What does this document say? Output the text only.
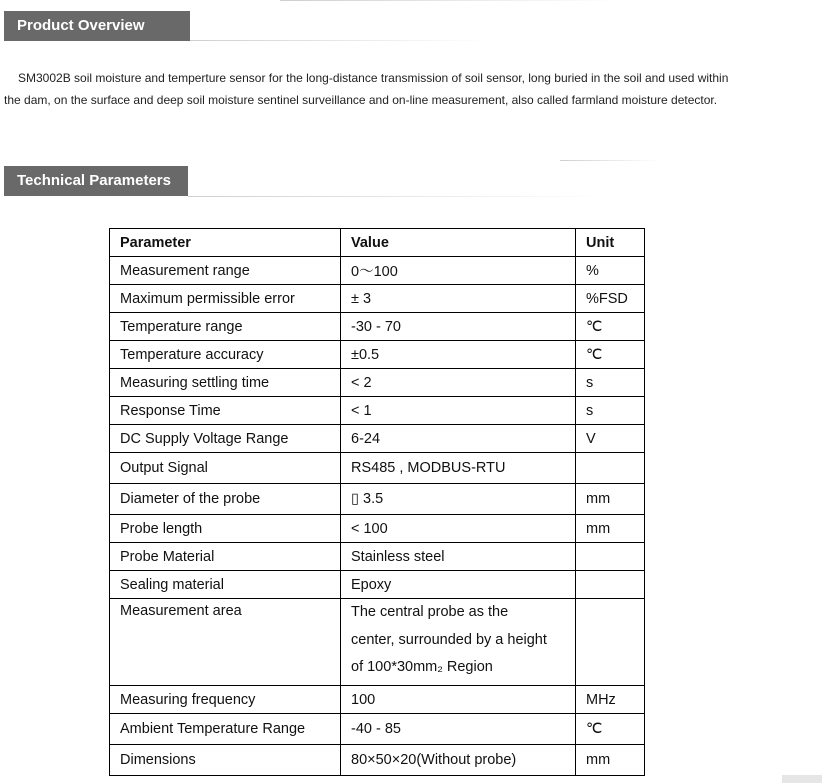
Product Overview

SM3002B soil moisture and temperture sensor for the long-distance transmission of soil sensor, long buried in the soil and used within the dam, on the surface and deep soil moisture sentinel surveillance and on-line measurement, also called farmland moisture detector.

Technical Parameters
Parameter	Value	Unit
Measurement range	0～100	%
Maximum permissible error	± 3	%FSD
Temperature range	-30 - 70	℃
Temperature accuracy	±0.5	℃
Measuring settling time	< 2	s
Response Time	< 1	s
DC Supply Voltage Range	6-24	V
Output Signal	RS485 , MODBUS-RTU	
Diameter of the probe	▯ 3.5	mm
Probe length	< 100	mm
Probe Material	Stainless steel	
Sealing material	Epoxy	
Measurement area	The central probe as the
center, surrounded by a height
of 100*30mm₂ Region	

Measuring frequency	100	MHz
Ambient Temperature Range	-40 - 85	℃
Dimensions	80×50×20(Without probe)	mm
